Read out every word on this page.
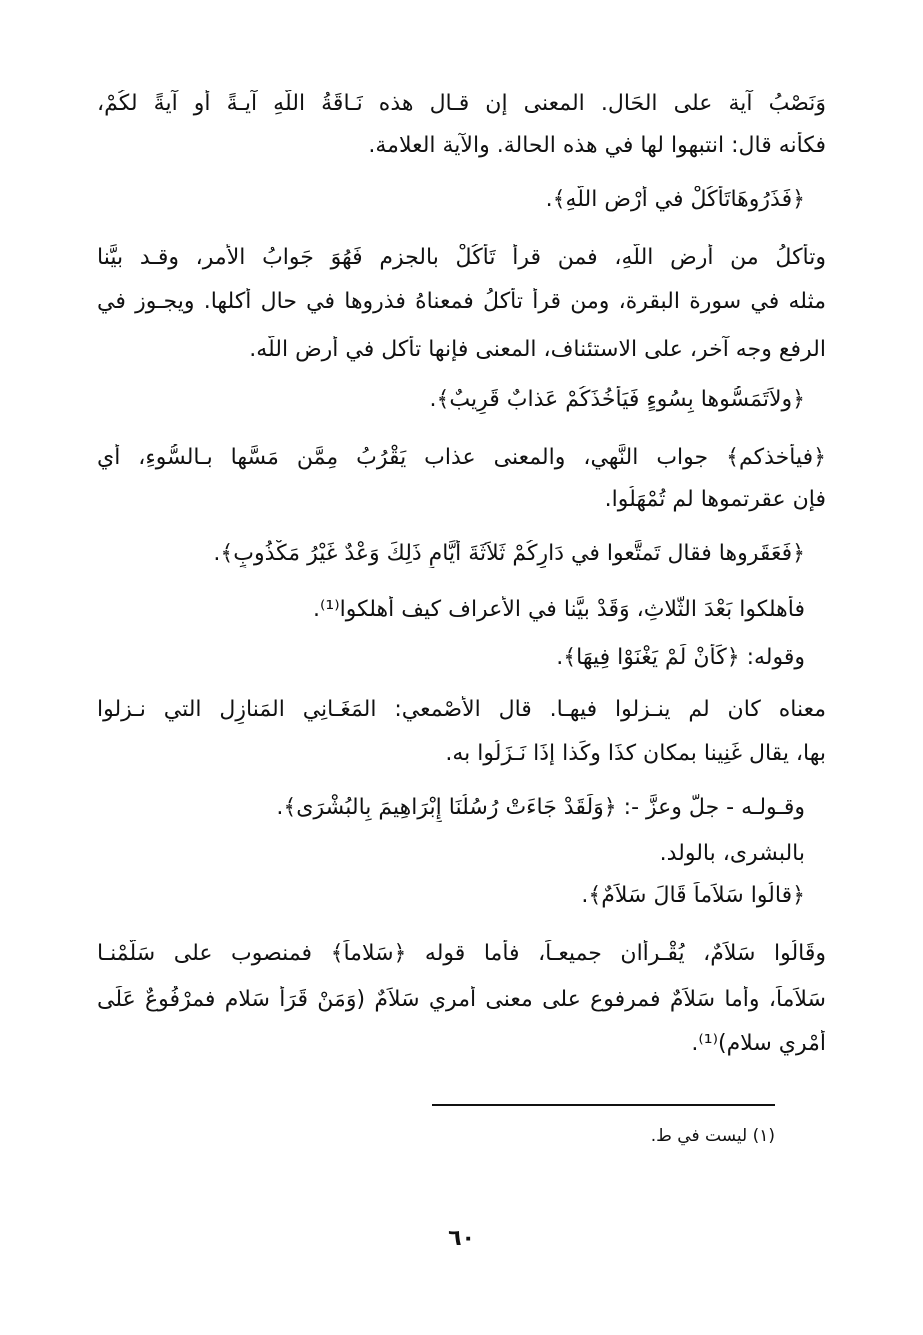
وَنَصْبُ آية على الحَال. المعنى إن قـال هذه نَـاقَةُ اللَّهِ آيـةً أو آيةً لكُمْ،
فكأنه قال: انتبهوا لها في هذه الحالة. والآية العلامة.
﴿فَذَرُوهَاتَأْكُلْ في أَرْضِ اللَّهِ﴾.
وتأكلُ من أرض اللَّهِ، فمن قرأ تَأْكُلْ بالجزم فَهُوَ جَوابُ الأمر، وقـد بيَّنا
مثله في سورة البقرة، ومن قرأ تأكلُ فمعناهُ فذروها في حال أكلها. ويجـوز في
الرفع وجه آخر، على الاستئناف، المعنى فإنها تأكل في أرض اللَّه.
﴿ولاَتَمَسُّوها بِسُوءٍ فَيَأْخُذَكُمْ عَذابٌ قَرِيبٌ﴾.
﴿فيأخذكم﴾ جواب النَّهي، والمعنى عذاب يَقْرُبُ مِمَّن مَسَّها بـالسُّوءِ، أي
فإن عقرتموها لم تُمْهَلُوا.
﴿فَعَقَروها فقال تَمتَّعوا في دَارِكُمْ ثَلاَثَةَ أَيَّامٍ ذَلِكَ وَعْدٌ غَيْرُ مَكْذُوبٍ﴾.
فأهلكوا بَعْدَ الثَّلاثِ، وَقَدْ بيَّنا في الأعراف كيف أهلكوا⁽¹⁾.
وقوله: ﴿كَأَنْ لَمْ يَغْنَوْا فِيهَا﴾.
معناه كان لم ينـزلوا فيهـا. قال الأَصْمعي: المَغَـانِي المَنازِل التي نـزلوا
بها، يقال غَنِينا بمكان كذَا وكَذا إذَا نَـزَلُوا به.
وقـولـه - جلَّ وعزَّ -: ﴿وَلَقَدْ جَاءَتْ رُسُلُنَا إِبْرَاهِيمَ بِالبُشْرَى﴾.
بالبشرى، بالولد.
﴿قالُوا سَلاَماً قَالَ سَلاَمٌ﴾.
وقَالُوا سَلاَمٌ، يُقْـرأان جميعـاً، فأما قوله ﴿سَلاماً﴾ فمنصوب على سَلَّمْنـا
سَلاَماً، وأما سَلاَمٌ فمرفوع على معنى أمري سَلاَمٌ (وَمَنْ قَرَأَ سَلام فمرْفُوعٌ عَلَى
أَمْري سلام)⁽¹⁾.
(١) ليست في ط.
٦٠
